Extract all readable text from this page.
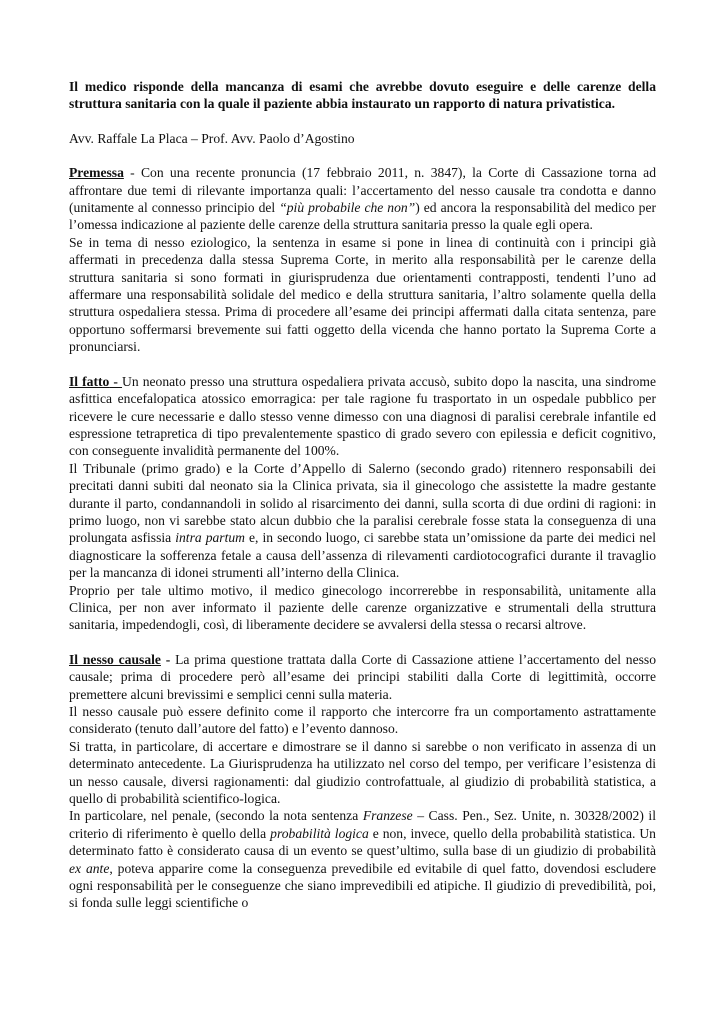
Il medico risponde della mancanza di esami che avrebbe dovuto eseguire e delle carenze della struttura sanitaria con la quale il paziente abbia instaurato un rapporto di natura privatistica.

Avv. Raffale La Placa – Prof. Avv. Paolo d’Agostino

Premessa - Con una recente pronuncia (17 febbraio 2011, n. 3847), la Corte di Cassazione torna ad affrontare due temi di rilevante importanza quali: l’accertamento del nesso causale tra condotta e danno (unitamente al connesso principio del “più probabile che non”) ed ancora la responsabilità del medico per l’omessa indicazione al paziente delle carenze della struttura sanitaria presso la quale egli opera.

Se in tema di nesso eziologico, la sentenza in esame si pone in linea di continuità con i principi già affermati in precedenza dalla stessa Suprema Corte, in merito alla responsabilità per le carenze della struttura sanitaria si sono formati in giurisprudenza due orientamenti contrapposti, tendenti l’uno ad affermare una responsabilità solidale del medico e della struttura sanitaria, l’altro solamente quella della struttura ospedaliera stessa. Prima di procedere all’esame dei principi affermati dalla citata sentenza, pare opportuno soffermarsi brevemente sui fatti oggetto della vicenda che hanno portato la Suprema Corte a pronunciarsi.

Il fatto - Un neonato presso una struttura ospedaliera privata accusò, subito dopo la nascita, una sindrome asfittica encefalopatica atossico emorragica: per tale ragione fu trasportato in un ospedale pubblico per ricevere le cure necessarie e dallo stesso venne dimesso con una diagnosi di paralisi cerebrale infantile ed espressione tetrapretica di tipo prevalentemente spastico di grado severo con epilessia e deficit cognitivo, con conseguente invalidità permanente del 100%.

Il Tribunale (primo grado) e la Corte d’Appello di Salerno (secondo grado) ritennero responsabili dei precitati danni subiti dal neonato sia la Clinica privata, sia il ginecologo che assistette la madre gestante durante il parto, condannandoli in solido al risarcimento dei danni, sulla scorta di due ordini di ragioni: in primo luogo, non vi sarebbe stato alcun dubbio che la paralisi cerebrale fosse stata la conseguenza di una prolungata asfissia intra partum e, in secondo luogo, ci sarebbe stata un’omissione da parte dei medici nel diagnosticare la sofferenza fetale a causa dell’assenza di rilevamenti cardiotocografici durante il travaglio per la mancanza di idonei strumenti all’interno della Clinica.

Proprio per tale ultimo motivo, il medico ginecologo incorrerebbe in responsabilità, unitamente alla Clinica, per non aver informato il paziente delle carenze organizzative e strumentali della struttura sanitaria, impedendogli, così, di liberamente decidere se avvalersi della stessa o recarsi altrove.

Il nesso causale - La prima questione trattata dalla Corte di Cassazione attiene l’accertamento del nesso causale; prima di procedere però all’esame dei principi stabiliti dalla Corte di legittimità, occorre premettere alcuni brevissimi e semplici cenni sulla materia.

Il nesso causale può essere definito come il rapporto che intercorre fra un comportamento astrattamente considerato (tenuto dall’autore del fatto) e l’evento dannoso.

Si tratta, in particolare, di accertare e dimostrare se il danno si sarebbe o non verificato in assenza di un determinato antecedente. La Giurisprudenza ha utilizzato nel corso del tempo, per verificare l’esistenza di un nesso causale, diversi ragionamenti: dal giudizio controfattuale, al giudizio di probabilità statistica, a quello di probabilità scientifico-logica.

In particolare, nel penale, (secondo la nota sentenza Franzese – Cass. Pen., Sez. Unite, n. 30328/2002) il criterio di riferimento è quello della probabilità logica e non, invece, quello della probabilità statistica. Un determinato fatto è considerato causa di un evento se quest’ultimo, sulla base di un giudizio di probabilità ex ante, poteva apparire come la conseguenza prevedibile ed evitabile di quel fatto, dovendosi escludere ogni responsabilità per le conseguenze che siano imprevedibili ed atipiche. Il giudizio di prevedibilità, poi, si fonda sulle leggi scientifiche o
